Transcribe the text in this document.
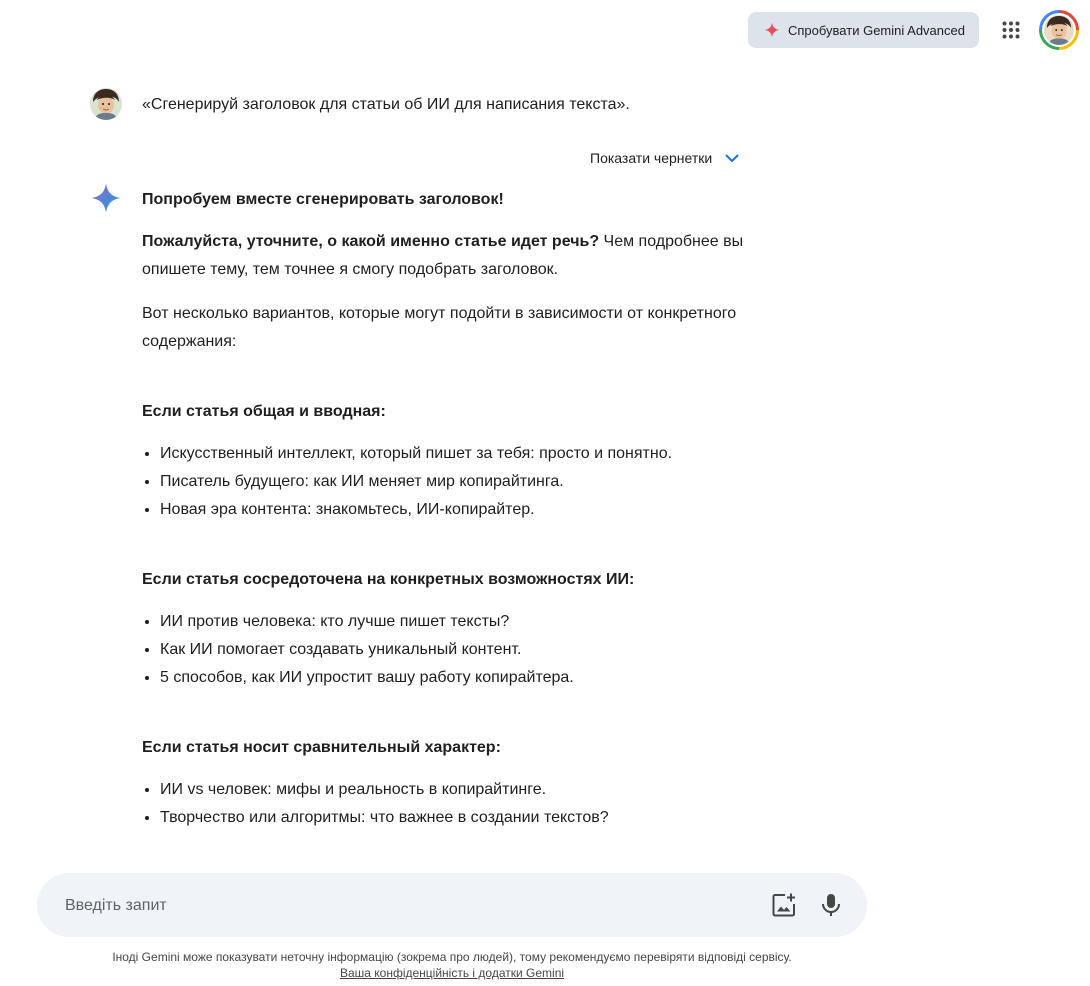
Спробувати Gemini Advanced
«Сгенерируй заголовок для статьи об ИИ для написания текста».
Показати чернетки

Попробуем вместе сгенерировать заголовок!

Пожалуйста, уточните, о какой именно статье идет речь? Чем подробнее вы опишете тему, тем точнее я смогу подобрать заголовок.

Вот несколько вариантов, которые могут подойти в зависимости от конкретного содержания:

Если статья общая и вводная:
• Искусственный интеллект, который пишет за тебя: просто и понятно.
• Писатель будущего: как ИИ меняет мир копирайтинга.
• Новая эра контента: знакомьтесь, ИИ-копирайтер.
Если статья сосредоточена на конкретных возможностях ИИ:
• ИИ против человека: кто лучше пишет тексты?
• Как ИИ помогает создавать уникальный контент.
• 5 способов, как ИИ упростит вашу работу копирайтера.
Если статья носит сравнительный характер:
• ИИ vs человек: мифы и реальность в копирайтинге.
• Творчество или алгоритмы: что важнее в создании текстов?
Введіть запит
Іноді Gemini може показувати неточну інформацію (зокрема про людей), тому рекомендуємо перевіряти відповіді сервісу.
Ваша конфіденційність і додатки Gemini
